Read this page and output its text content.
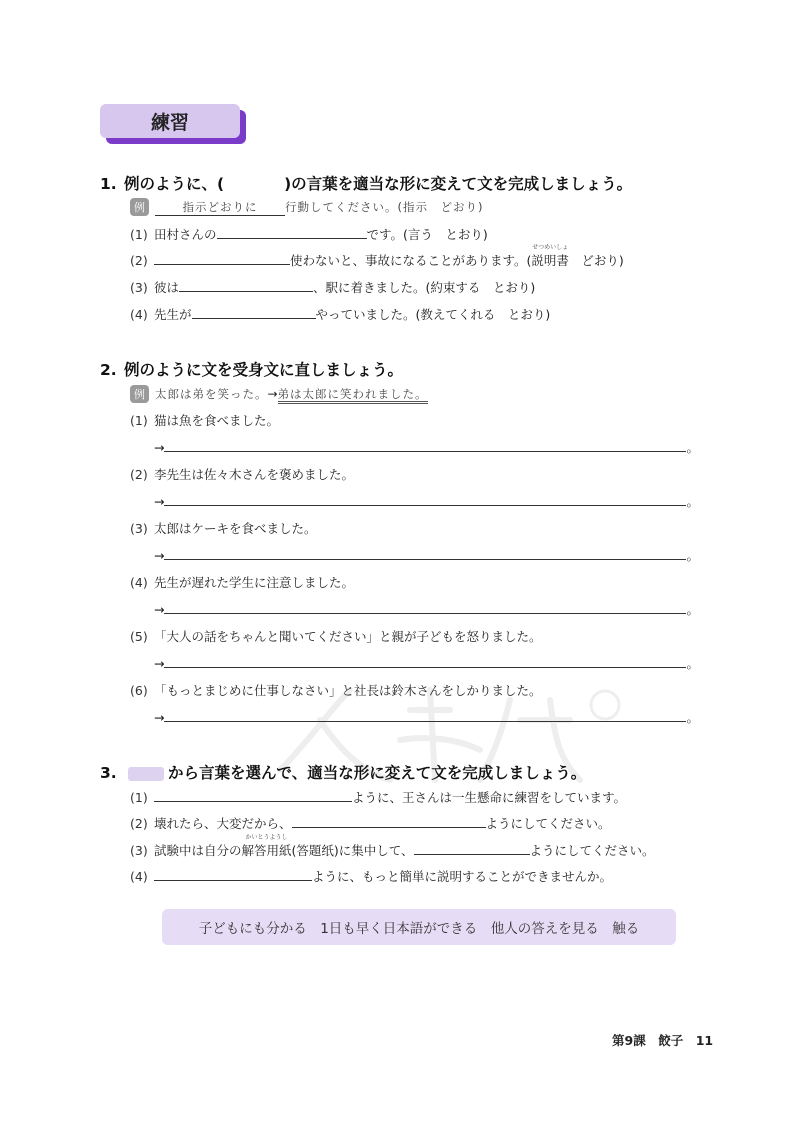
練習
1. 例のように、(	)の言葉を適当な形に変えて文を完成しましょう。
例	指示どおりに 行動してください。(指示　どおり)
(1) 田村さんの	です。(言う　とおり)
(2)	使わないと、事故になることがあります。(
せつめいしょ
説明書　どおり)
(3) 彼は	、駅に着きました。(約束する　とおり)
(4) 先生が	やっていました。(教えてくれる　とおり)
2. 例のように文を受身文に直しましょう。
例 太郎は弟を笑った。→弟は太郎に笑われました。
(1) 猫は魚を食べました。
→	。
(2) 李先生は佐々木さんを褒めました。
→	。
(3) 太郎はケーキを食べました。
→	。
(4) 先生が遅れた学生に注意しました。
→	。
(5) 「大人の話をちゃんと聞いてください」と親が子どもを怒りました。
→	。
(6) 「もっとまじめに仕事しなさい」と社長は鈴木さんをしかりました。
→	。
3.	から言葉を選んで、適当な形に変えて文を完成しましょう。
(1)	ように、王さんは一生懸命に練習をしています。
(2) 壊れたら、大変だから、	ようにしてください。
(3) 試験中は自分の
かいとうようし
解答用紙(答題纸)に集中して、	ようにしてください。
(4)	ように、もっと簡単に説明することができませんか。
子どもにも分かる　1日も早く日本語ができる　他人の答えを見る　触る
第9課　餃子　11
